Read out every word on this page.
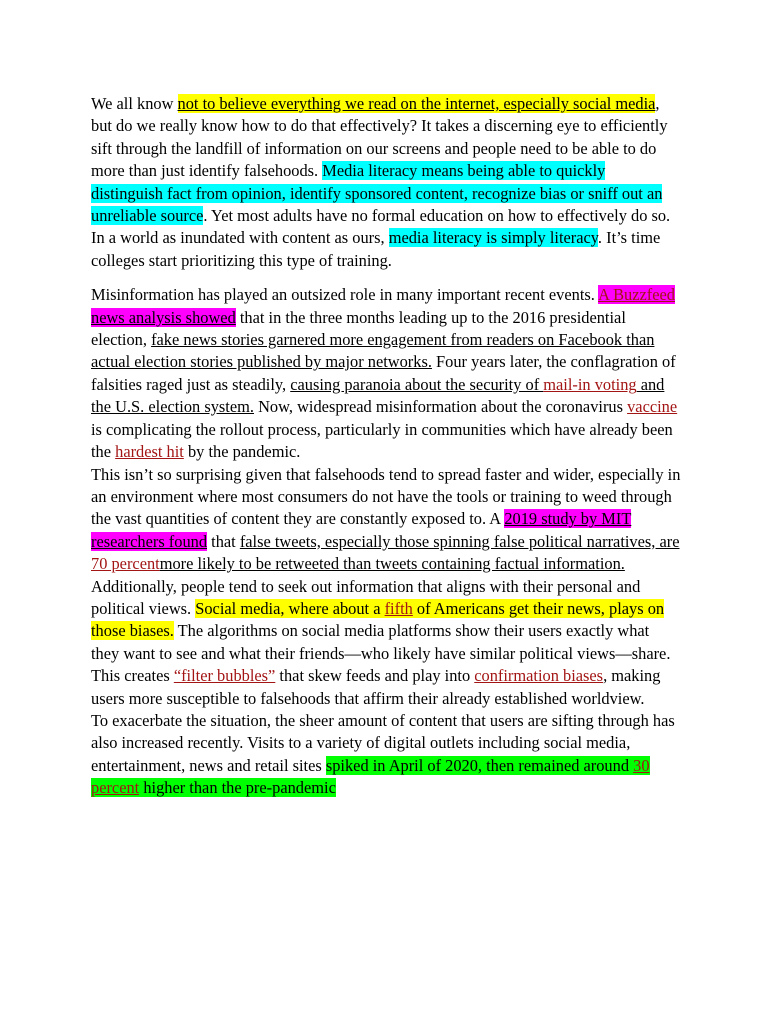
We all know not to believe everything we read on the internet, especially social media, but do we really know how to do that effectively? It takes a discerning eye to efficiently sift through the landfill of information on our screens and people need to be able to do more than just identify falsehoods. Media literacy means being able to quickly distinguish fact from opinion, identify sponsored content, recognize bias or sniff out an unreliable source. Yet most adults have no formal education on how to effectively do so. In a world as inundated with content as ours, media literacy is simply literacy. It’s time colleges start prioritizing this type of training.

Misinformation has played an outsized role in many important recent events. A Buzzfeed news analysis showed that in the three months leading up to the 2016 presidential election, fake news stories garnered more engagement from readers on Facebook than actual election stories published by major networks. Four years later, the conflagration of falsities raged just as steadily, causing paranoia about the security of mail-in voting and the U.S. election system. Now, widespread misinformation about the coronavirus vaccine is complicating the rollout process, particularly in communities which have already been the hardest hit by the pandemic.

This isn’t so surprising given that falsehoods tend to spread faster and wider, especially in an environment where most consumers do not have the tools or training to weed through the vast quantities of content they are constantly exposed to. A 2019 study by MIT researchers found that false tweets, especially those spinning false political narratives, are 70 percentmore likely to be retweeted than tweets containing factual information.

Additionally, people tend to seek out information that aligns with their personal and political views. Social media, where about a fifth of Americans get their news, plays on those biases. The algorithms on social media platforms show their users exactly what they want to see and what their friends—who likely have similar political views—share. This creates “filter bubbles” that skew feeds and play into confirmation biases, making users more susceptible to falsehoods that affirm their already established worldview.

To exacerbate the situation, the sheer amount of content that users are sifting through has also increased recently. Visits to a variety of digital outlets including social media, entertainment, news and retail sites spiked in April of 2020, then remained around 30 percent higher than the pre-pandemic
